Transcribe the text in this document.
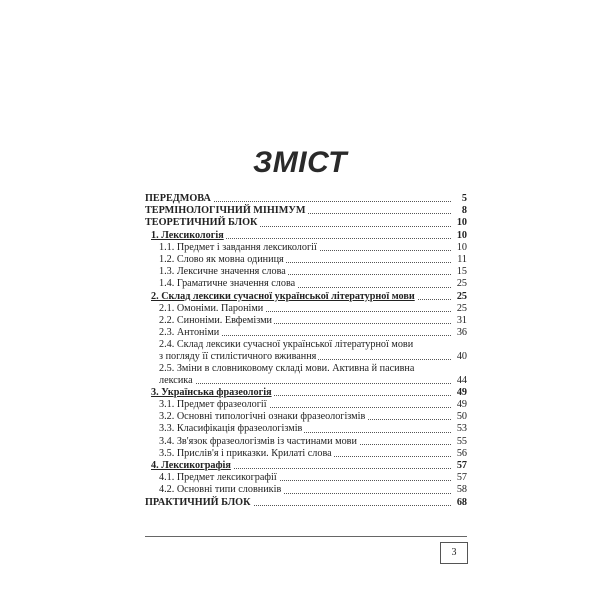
ЗМІСТ
ПЕРЕДМОВА	5
ТЕРМІНОЛОГІЧНИЙ МІНІМУМ	8
ТЕОРЕТИЧНИЙ БЛОК	10
1. Лексикологія	10
1.1. Предмет і завдання лексикології	10
1.2. Слово як мовна одиниця	11
1.3. Лексичне значення слова	15
1.4. Граматичне значення слова	25
2. Склад лексики сучасної української літературної мови	25
2.1. Омоніми. Пароніми	25
2.2. Синоніми. Евфемізми	31
2.3. Антоніми	36
2.4. Склад лексики сучасної української літературної мови
з погляду її стилістичного вживання	40
2.5. Зміни в словниковому складі мови. Активна й пасивна
лексика	44
3. Українська фразеологія	49
3.1. Предмет фразеології	49
3.2. Основні типологічні ознаки фразеологізмів	50
3.3. Класифікація фразеологізмів	53
3.4. Зв'язок фразеологізмів із частинами мови	55
3.5. Прислів'я і приказки. Крилаті слова	56
4. Лексикографія	57
4.1. Предмет лексикографії	57
4.2. Основні типи словників	58
ПРАКТИЧНИЙ БЛОК	68
3
